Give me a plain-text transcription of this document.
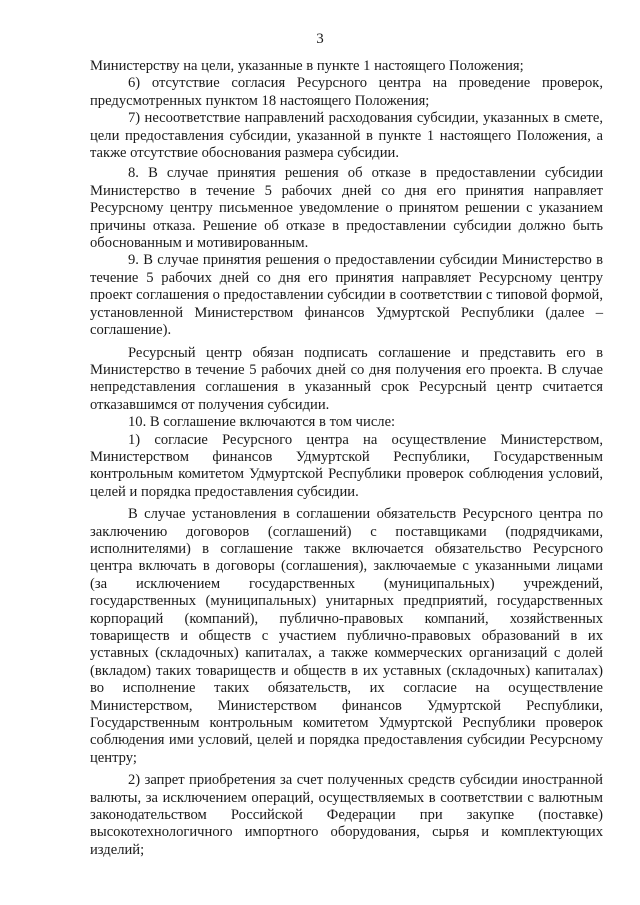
3

Министерству на цели, указанные в пункте 1 настоящего Положения;

6) отсутствие согласия Ресурсного центра на проведение проверок, предусмотренных пунктом 18 настоящего Положения;

7) несоответствие направлений расходования субсидии, указанных в смете, цели предоставления субсидии, указанной в пункте 1 настоящего Положения, а также отсутствие обоснования размера субсидии.

8. В случае принятия решения об отказе в предоставлении субсидии Министерство в течение 5 рабочих дней со дня его принятия направляет Ресурсному центру письменное уведомление о принятом решении с указанием причины отказа. Решение об отказе в предоставлении субсидии должно быть обоснованным и мотивированным.

9. В случае принятия решения о предоставлении субсидии Министерство в течение 5 рабочих дней со дня его принятия направляет Ресурсному центру проект соглашения о предоставлении субсидии в соответствии с типовой формой, установленной Министерством финансов Удмуртской Республики (далее – соглашение).

Ресурсный центр обязан подписать соглашение и представить его в Министерство в течение 5 рабочих дней со дня получения его проекта. В случае непредставления соглашения в указанный срок Ресурсный центр считается отказавшимся от получения субсидии.

10. В соглашение включаются в том числе:

1) согласие Ресурсного центра на осуществление Министерством, Министерством финансов Удмуртской Республики, Государственным контрольным комитетом Удмуртской Республики проверок соблюдения условий, целей и порядка предоставления субсидии.

В случае установления в соглашении обязательств Ресурсного центра по заключению договоров (соглашений) с поставщиками (подрядчиками, исполнителями) в соглашение также включается обязательство Ресурсного центра включать в договоры (соглашения), заключаемые с указанными лицами (за исключением государственных (муниципальных) учреждений, государственных (муниципальных) унитарных предприятий, государственных корпораций (компаний), публично-правовых компаний, хозяйственных товариществ и обществ с участием публично-правовых образований в их уставных (складочных) капиталах, а также коммерческих организаций с долей (вкладом) таких товариществ и обществ в их уставных (складочных) капиталах) во исполнение таких обязательств, их согласие на осуществление Министерством, Министерством финансов Удмуртской Республики, Государственным контрольным комитетом Удмуртской Республики проверок соблюдения ими условий, целей и порядка предоставления субсидии Ресурсному центру;

2) запрет приобретения за счет полученных средств субсидии иностранной валюты, за исключением операций, осуществляемых в соответствии с валютным законодательством Российской Федерации при закупке (поставке) высокотехнологичного импортного оборудования, сырья и комплектующих изделий;
